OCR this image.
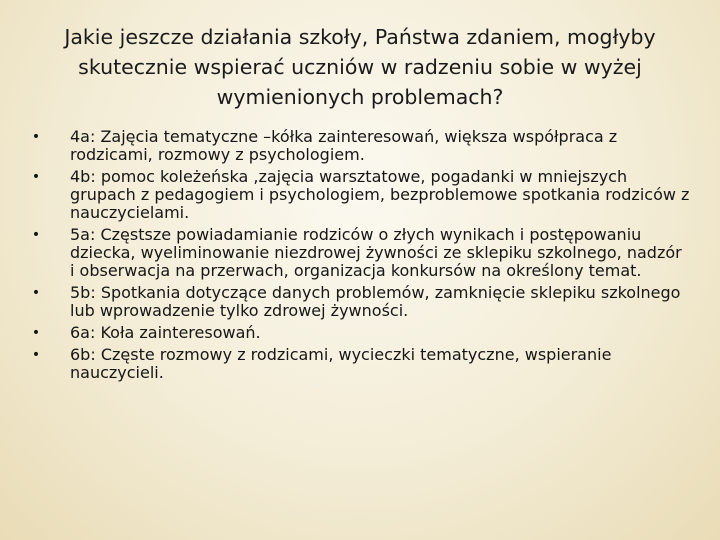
Jakie jeszcze działania szkoły, Państwa zdaniem, mogłyby skutecznie wspierać uczniów w radzeniu sobie w wyżej wymienionych problemach?
• 4a: Zajęcia tematyczne –kółka zainteresowań, większa współpraca z rodzicami, rozmowy z psychologiem.
• 4b: pomoc koleżeńska ,zajęcia warsztatowe, pogadanki w mniejszych grupach z pedagogiem i psychologiem, bezproblemowe spotkania rodziców z nauczycielami.
• 5a: Częstsze powiadamianie rodziców o złych wynikach i postępowaniu dziecka, wyeliminowanie niezdrowej żywności ze sklepiku szkolnego, nadzór i obserwacja na przerwach, organizacja konkursów na określony temat.
• 5b: Spotkania dotyczące danych problemów, zamknięcie sklepiku szkolnego lub wprowadzenie tylko zdrowej żywności.
• 6a: Koła zainteresowań.
• 6b: Częste rozmowy z rodzicami, wycieczki tematyczne, wspieranie nauczycieli.
